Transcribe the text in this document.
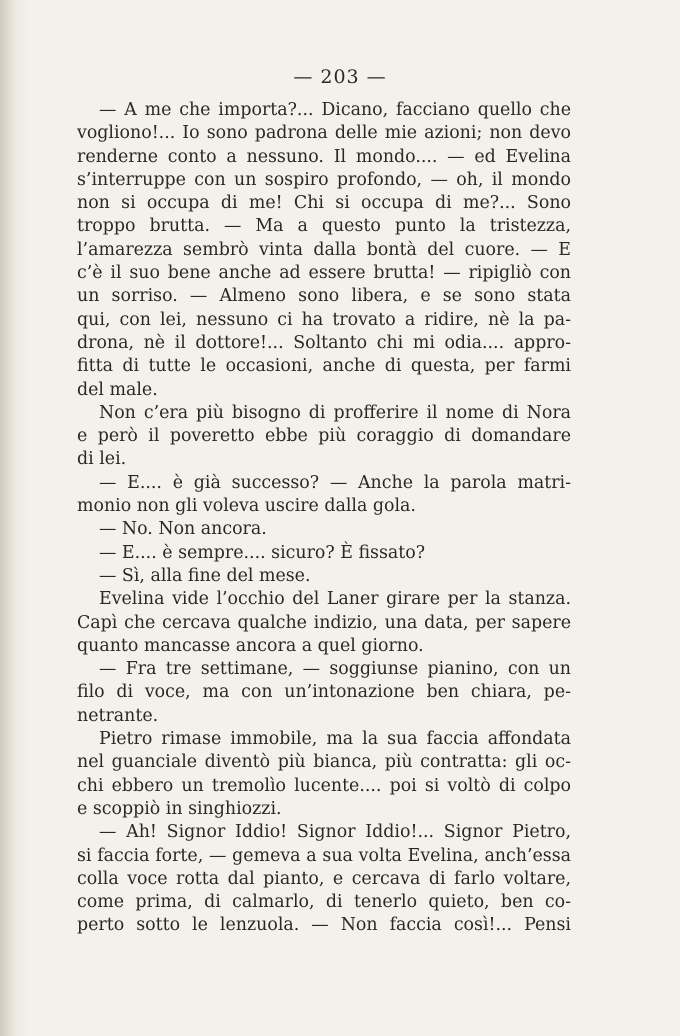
— 203 —
— A me che importa?... Dicano, facciano quello che
vogliono!... Io sono padrona delle mie azioni; non devo
renderne conto a nessuno. Il mondo.... — ed Evelina
s’interruppe con un sospiro profondo, — oh, il mondo
non si occupa di me! Chi si occupa di me?... Sono
troppo brutta. — Ma a questo punto la tristezza,
l’amarezza sembrò vinta dalla bontà del cuore. — E
c’è il suo bene anche ad essere brutta! — ripigliò con
un sorriso. — Almeno sono libera, e se sono stata
qui, con lei, nessuno ci ha trovato a ridire, nè la pa-
drona, nè il dottore!... Soltanto chi mi odia.... appro-
fitta di tutte le occasioni, anche di questa, per farmi
del male.
Non c’era più bisogno di profferire il nome di Nora
e però il poveretto ebbe più coraggio di domandare
di lei.
— E.... è già successo? — Anche la parola matri-
monio non gli voleva uscire dalla gola.
— No. Non ancora.
— E.... è sempre.... sicuro? È fissato?
— Sì, alla fine del mese.
Evelina vide l’occhio del Laner girare per la stanza.
Capì che cercava qualche indizio, una data, per sapere
quanto mancasse ancora a quel giorno.
— Fra tre settimane, — soggiunse pianino, con un
filo di voce, ma con un’intonazione ben chiara, pe-
netrante.
Pietro rimase immobile, ma la sua faccia affondata
nel guanciale diventò più bianca, più contratta: gli oc-
chi ebbero un tremolìo lucente.... poi si voltò di colpo
e scoppiò in singhiozzi.
— Ah! Signor Iddio! Signor Iddio!... Signor Pietro,
si faccia forte, — gemeva a sua volta Evelina, anch’essa
colla voce rotta dal pianto, e cercava di farlo voltare,
come prima, di calmarlo, di tenerlo quieto, ben co-
perto sotto le lenzuola. — Non faccia così!... Pensi
